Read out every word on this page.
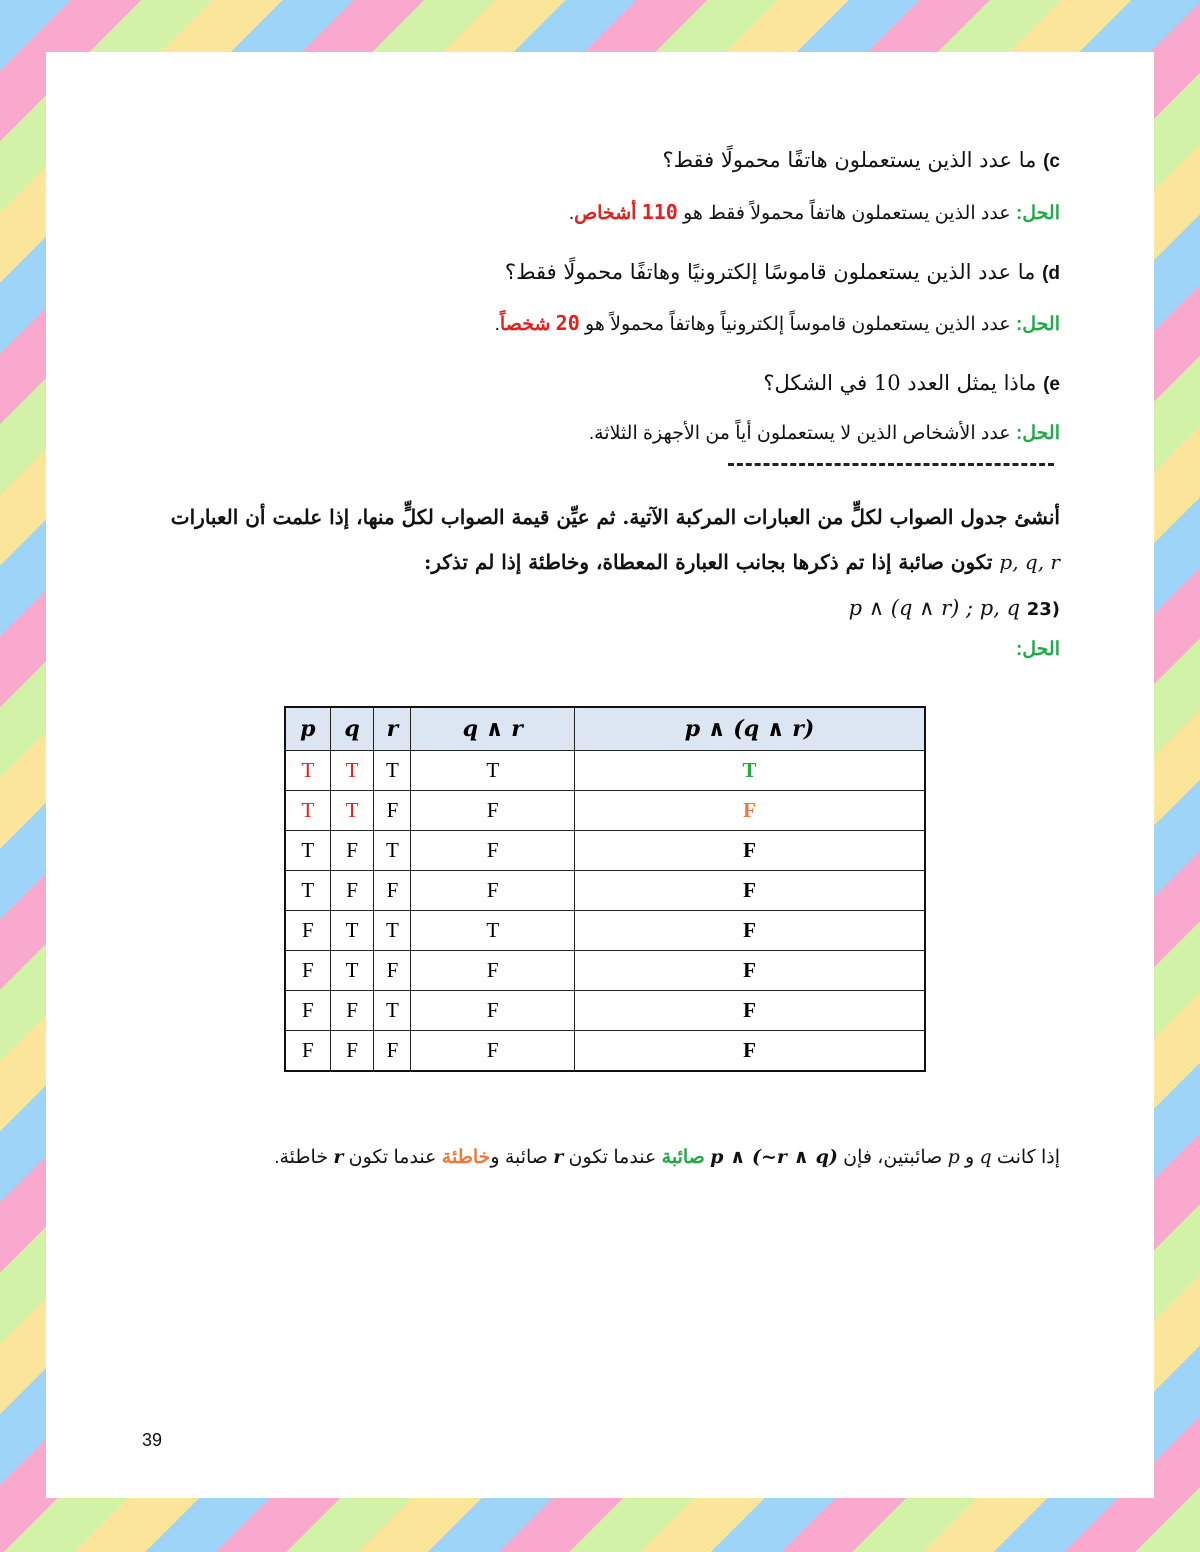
c) ما عدد الذين يستعملون هاتفًا محمولًا فقط؟
الحل: عدد الذين يستعملون هاتفاً محمولاً فقط هو 110 أشخاص.
d) ما عدد الذين يستعملون قاموسًا إلكترونيًا وهاتفًا محمولًا فقط؟
الحل: عدد الذين يستعملون قاموساً إلكترونياً وهاتفاً محمولاً هو 20 شخصاً.
e) ماذا يمثل العدد 10 في الشكل؟
الحل: عدد الأشخاص الذين لا يستعملون أياً من الأجهزة الثلاثة.
أنشئ جدول الصواب لكلٍّ من العبارات المركبة الآتية. ثم عيِّن قيمة الصواب لكلٍّ منها، إذا علمت أن العبارات
p, q, r تكون صائبة إذا تم ذكرها بجانب العبارة المعطاة، وخاطئة إذا لم تذكر:
(23 p ∧ (q ∧ r) ; p, q
الحل:
p	q	r	q ∧ r	p ∧ (q ∧ r)
T	T	T	T	T
T	T	F	F	F
T	F	T	F	F
T	F	F	F	F
F	T	T	T	F
F	T	F	F	F
F	F	T	F	F
F	F	F	F	F
إذا كانت q و p صائبتين، فإن (p ∧ (~r ∧ q صائبة عندما تكون r صائبة وخاطئة عندما تكون r خاطئة.
39
